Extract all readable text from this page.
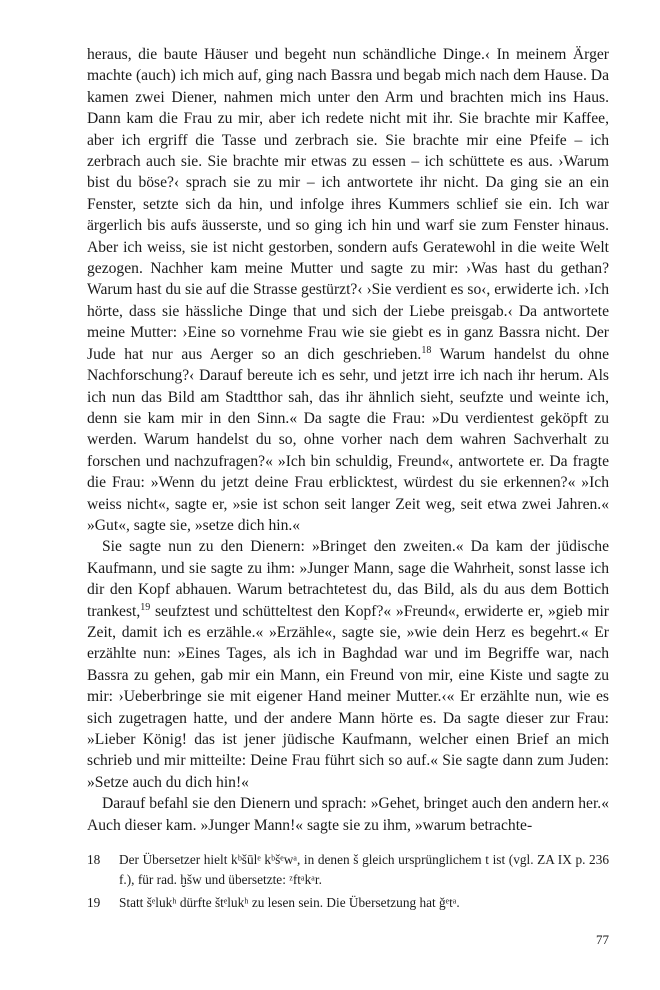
heraus, die baute Häuser und begeht nun schändliche Dinge.‹ In meinem Ärger machte (auch) ich mich auf, ging nach Bassra und begab mich nach dem Hause. Da kamen zwei Diener, nahmen mich unter den Arm und brachten mich ins Haus. Dann kam die Frau zu mir, aber ich redete nicht mit ihr. Sie brachte mir Kaffee, aber ich ergriff die Tasse und zerbrach sie. Sie brachte mir eine Pfeife – ich zerbrach auch sie. Sie brachte mir etwas zu essen – ich schüttete es aus. ›Warum bist du böse?‹ sprach sie zu mir – ich antwortete ihr nicht. Da ging sie an ein Fenster, setzte sich da hin, und infolge ihres Kummers schlief sie ein. Ich war ärgerlich bis aufs äusserste, und so ging ich hin und warf sie zum Fenster hinaus. Aber ich weiss, sie ist nicht gestorben, sondern aufs Geratewohl in die weite Welt gezogen. Nachher kam meine Mutter und sagte zu mir: ›Was hast du gethan? Warum hast du sie auf die Strasse gestürzt?‹ ›Sie verdient es so‹, erwiderte ich. ›Ich hörte, dass sie hässliche Dinge that und sich der Liebe preisgab.‹ Da antwortete meine Mutter: ›Eine so vornehme Frau wie sie giebt es in ganz Bassra nicht. Der Jude hat nur aus Aerger so an dich geschrieben.$^{18}$ Warum handelst du ohne Nachforschung?‹ Darauf bereute ich es sehr, und jetzt irre ich nach ihr herum. Als ich nun das Bild am Stadtthor sah, das ihr ähnlich sieht, seufzte und weinte ich, denn sie kam mir in den Sinn.« Da sagte die Frau: »Du verdientest geköpft zu werden. Warum handelst du so, ohne vorher nach dem wahren Sachverhalt zu forschen und nachzufragen?« »Ich bin schuldig, Freund«, antwortete er. Da fragte die Frau: »Wenn du jetzt deine Frau erblicktest, würdest du sie erkennen?« »Ich weiss nicht«, sagte er, »sie ist schon seit langer Zeit weg, seit etwa zwei Jahren.« »Gut«, sagte sie, »setze dich hin.«

Sie sagte nun zu den Dienern: »Bringet den zweiten.« Da kam der jüdische Kaufmann, und sie sagte zu ihm: »Junger Mann, sage die Wahrheit, sonst lasse ich dir den Kopf abhauen. Warum betrachtetest du, das Bild, als du aus dem Bottich trankest,$^{19}$ seufztest und schütteltest den Kopf?« »Freund«, erwiderte er, »gieb mir Zeit, damit ich es erzähle.« »Erzähle«, sagte sie, »wie dein Herz es begehrt.« Er erzählte nun: »Eines Tages, als ich in Baghdad war und im Begriffe war, nach Bassra zu gehen, gab mir ein Mann, ein Freund von mir, eine Kiste und sagte zu mir: ›Ueberbringe sie mit eigener Hand meiner Mutter.‹« Er erzählte nun, wie es sich zugetragen hatte, und der andere Mann hörte es. Da sagte dieser zur Frau: »Lieber König! das ist jener jüdische Kaufmann, welcher einen Brief an mich schrieb und mir mitteilte: Deine Frau führt sich so auf.« Sie sagte dann zum Juden: »Setze auch du dich hin!«

Darauf befahl sie den Dienern und sprach: »Gehet, bringet auch den andern her.« Auch dieser kam. »Junger Mann!« sagte sie zu ihm, »warum betrachte-

18	Der Übersetzer hielt kᵇšūlᵉ kᵇšᵉwᵃ, in denen š gleich ursprünglichem t ist (vgl. ZA IX p. 236 f.), für rad. ḫšw und übersetzte: ᶻftᵃkᵃr.
19	Statt šᵉlukʰ dürfte štᵉlukʰ zu lesen sein. Die Übersetzung hat ǧᵉtᵃ.
77
